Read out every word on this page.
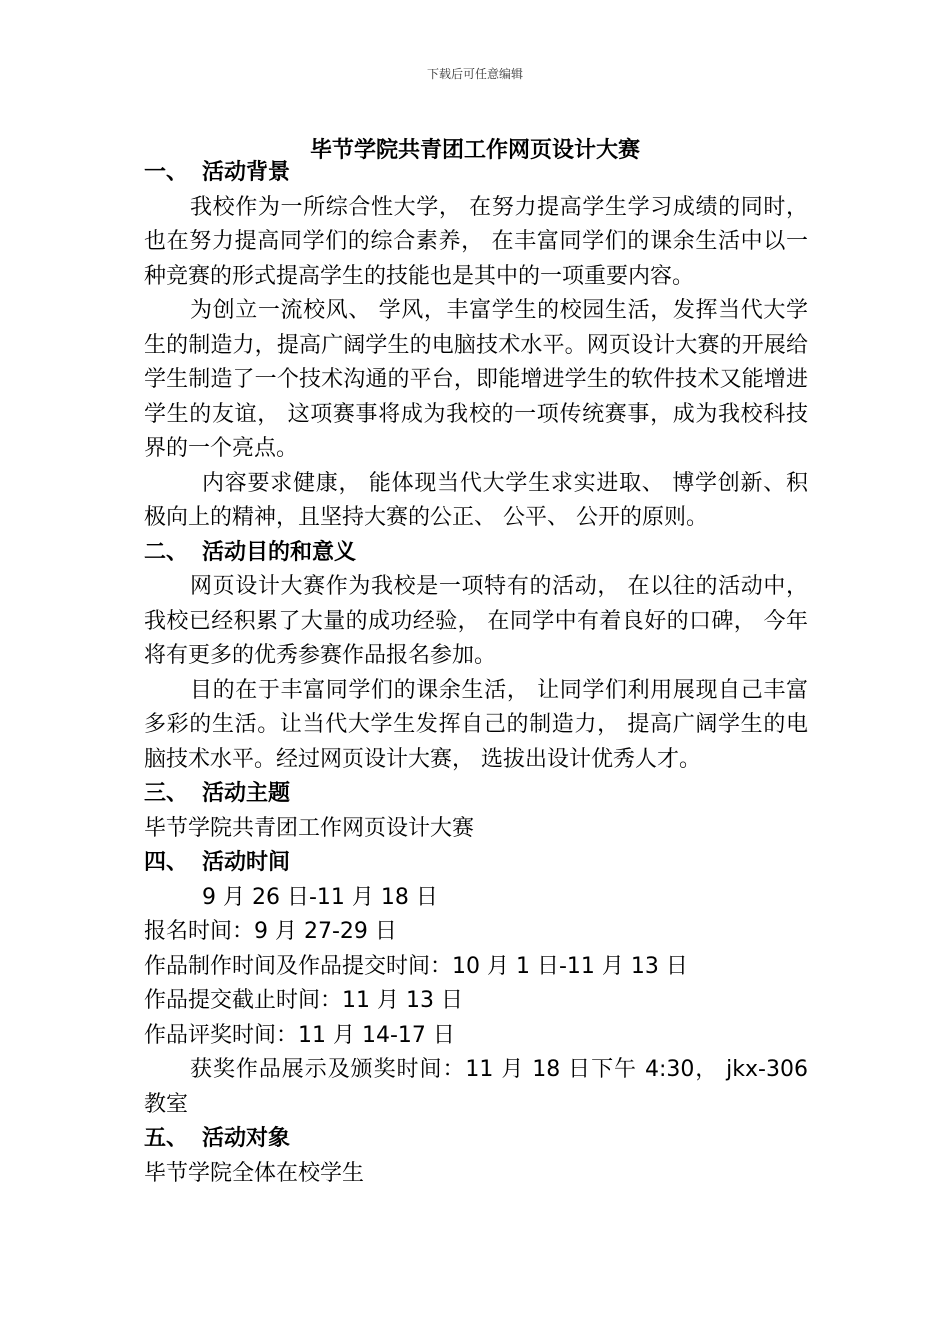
下载后可任意编辑
毕节学院共青团工作网页设计大赛
一、 活动背景

我校作为一所综合性大学， 在努力提高学生学习成绩的同时， 也在努力提高同学们的综合素养， 在丰富同学们的课余生活中以一种竞赛的形式提高学生的技能也是其中的一项重要内容。

为创立一流校风、 学风，丰富学生的校园生活，发挥当代大学生的制造力，提高广阔学生的电脑技术水平。网页设计大赛的开展给学生制造了一个技术沟通的平台，即能增进学生的软件技术又能增进学生的友谊， 这项赛事将成为我校的一项传统赛事，成为我校科技界的一个亮点。

内容要求健康， 能体现当代大学生求实进取、 博学创新、积极向上的精神，且坚持大赛的公正、 公平、 公开的原则。

二、 活动目的和意义

网页设计大赛作为我校是一项特有的活动， 在以往的活动中，我校已经积累了大量的成功经验， 在同学中有着良好的口碑， 今年将有更多的优秀参赛作品报名参加。

目的在于丰富同学们的课余生活， 让同学们利用展现自己丰富多彩的生活。让当代大学生发挥自己的制造力， 提高广阔学生的电脑技术水平。经过网页设计大赛， 选拔出设计优秀人才。

三、 活动主题

毕节学院共青团工作网页设计大赛

四、 活动时间

9 月 26 日-11 月 18 日

报名时间：9 月 27-29 日

作品制作时间及作品提交时间：10 月 1 日-11 月 13 日

作品提交截止时间：11 月 13 日

作品评奖时间：11 月 14-17 日

获奖作品展示及颁奖时间：11 月 18 日下午 4:30， jkx-306 教室

五、 活动对象

毕节学院全体在校学生
